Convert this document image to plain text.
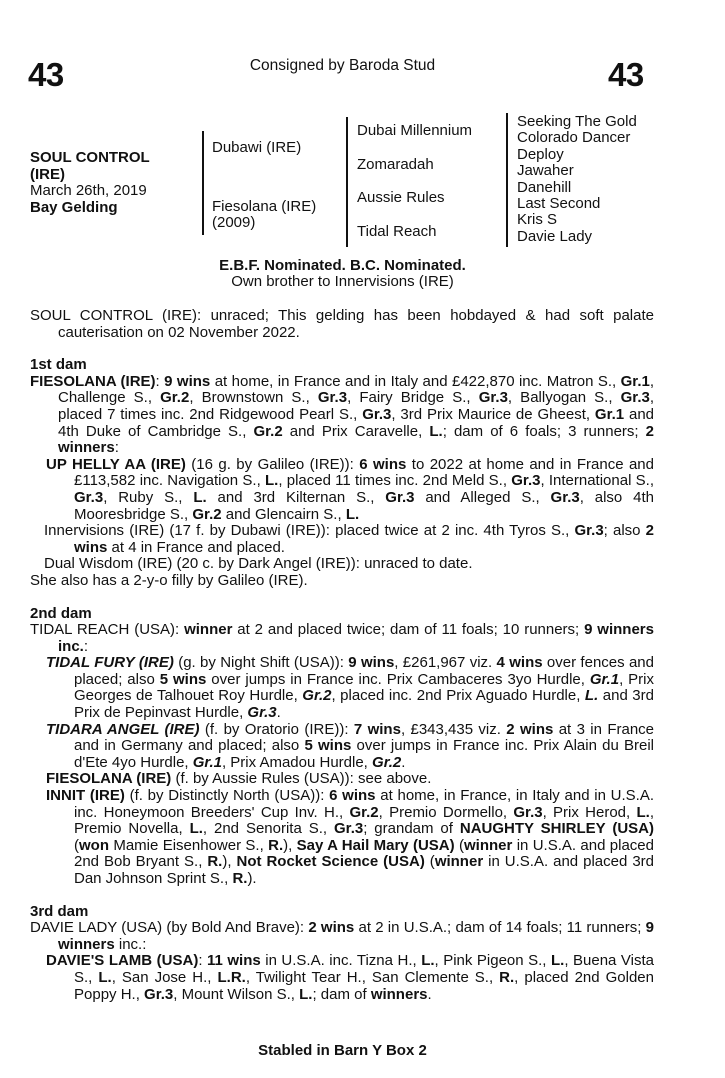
43	Consigned by Baroda Stud	43
SOUL CONTROL
(IRE)
March 26th, 2019
Bay Gelding
Dubawi (IRE)
Fiesolana (IRE)
(2009)
Dubai Millennium
Zomaradah
Aussie Rules
Tidal Reach
Seeking The Gold
Colorado Dancer
Deploy
Jawaher
Danehill
Last Second
Kris S
Davie Lady
E.B.F. Nominated. B.C. Nominated.
Own brother to Innervisions (IRE)

SOUL CONTROL (IRE): unraced; This gelding has been hobdayed & had soft palate cauterisation on 02 November 2022.

1st dam

FIESOLANA (IRE): 9 wins at home, in France and in Italy and £422,870 inc. Matron S., Gr.1, Challenge S., Gr.2, Brownstown S., Gr.3, Fairy Bridge S., Gr.3, Ballyogan S., Gr.3, placed 7 times inc. 2nd Ridgewood Pearl S., Gr.3, 3rd Prix Maurice de Gheest, Gr.1 and 4th Duke of Cambridge S., Gr.2 and Prix Caravelle, L.; dam of 6 foals; 3 runners; 2 winners:

UP HELLY AA (IRE) (16 g. by Galileo (IRE)): 6 wins to 2022 at home and in France and £113,582 inc. Navigation S., L., placed 11 times inc. 2nd Meld S., Gr.3, International S., Gr.3, Ruby S., L. and 3rd Kilternan S., Gr.3 and Alleged S., Gr.3, also 4th Mooresbridge S., Gr.2 and Glencairn S., L.

Innervisions (IRE) (17 f. by Dubawi (IRE)): placed twice at 2 inc. 4th Tyros S., Gr.3; also 2 wins at 4 in France and placed.

Dual Wisdom (IRE) (20 c. by Dark Angel (IRE)): unraced to date.

She also has a 2-y-o filly by Galileo (IRE).

2nd dam

TIDAL REACH (USA): winner at 2 and placed twice; dam of 11 foals; 10 runners; 9 winners inc.:

TIDAL FURY (IRE) (g. by Night Shift (USA)): 9 wins, £261,967 viz. 4 wins over fences and placed; also 5 wins over jumps in France inc. Prix Cambaceres 3yo Hurdle, Gr.1, Prix Georges de Talhouet Roy Hurdle, Gr.2, placed inc. 2nd Prix Aguado Hurdle, L. and 3rd Prix de Pepinvast Hurdle, Gr.3.

TIDARA ANGEL (IRE) (f. by Oratorio (IRE)): 7 wins, £343,435 viz. 2 wins at 3 in France and in Germany and placed; also 5 wins over jumps in France inc. Prix Alain du Breil d'Ete 4yo Hurdle, Gr.1, Prix Amadou Hurdle, Gr.2.

FIESOLANA (IRE) (f. by Aussie Rules (USA)): see above.

INNIT (IRE) (f. by Distinctly North (USA)): 6 wins at home, in France, in Italy and in U.S.A. inc. Honeymoon Breeders' Cup Inv. H., Gr.2, Premio Dormello, Gr.3, Prix Herod, L., Premio Novella, L., 2nd Senorita S., Gr.3; grandam of NAUGHTY SHIRLEY (USA) (won Mamie Eisenhower S., R.), Say A Hail Mary (USA) (winner in U.S.A. and placed 2nd Bob Bryant S., R.), Not Rocket Science (USA) (winner in U.S.A. and placed 3rd Dan Johnson Sprint S., R.).

3rd dam

DAVIE LADY (USA) (by Bold And Brave): 2 wins at 2 in U.S.A.; dam of 14 foals; 11 runners; 9 winners inc.:

DAVIE'S LAMB (USA): 11 wins in U.S.A. inc. Tizna H., L., Pink Pigeon S., L., Buena Vista S., L., San Jose H., L.R., Twilight Tear H., San Clemente S., R., placed 2nd Golden Poppy H., Gr.3, Mount Wilson S., L.; dam of winners.

Stabled in Barn Y Box 2
